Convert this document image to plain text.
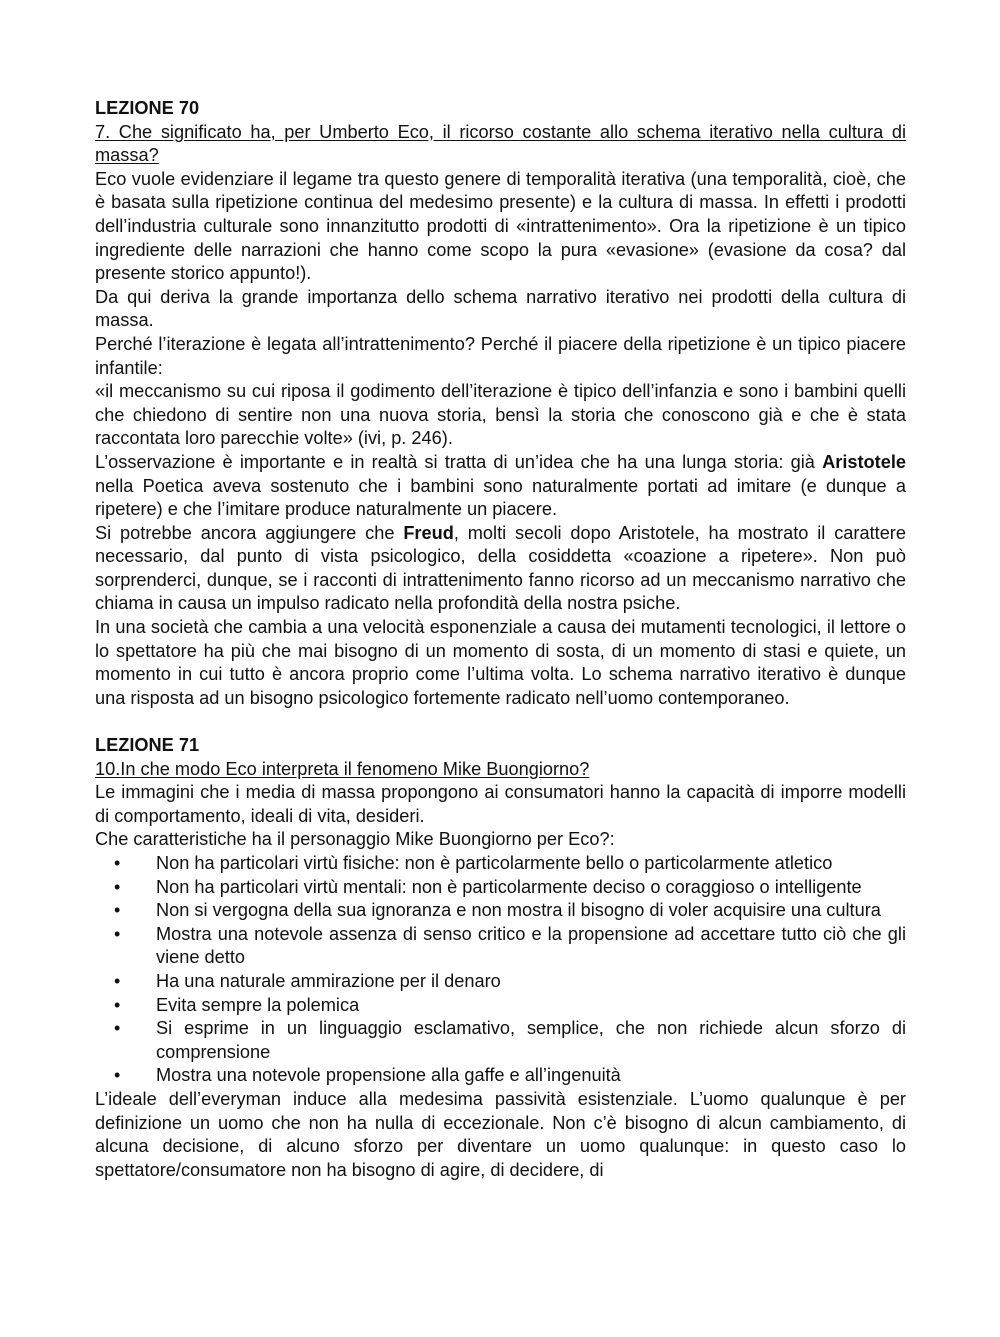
LEZIONE 70

7. Che significato ha, per Umberto Eco, il ricorso costante allo schema iterativo nella cultura di massa?

Eco vuole evidenziare il legame tra questo genere di temporalità iterativa (una temporalità, cioè, che è basata sulla ripetizione continua del medesimo presente) e la cultura di massa. In effetti i prodotti dell’industria culturale sono innanzitutto prodotti di «intrattenimento». Ora la ripetizione è un tipico ingrediente delle narrazioni che hanno come scopo la pura «evasione» (evasione da cosa? dal presente storico appunto!).

Da qui deriva la grande importanza dello schema narrativo iterativo nei prodotti della cultura di massa.

Perché l’iterazione è legata all’intrattenimento? Perché il piacere della ripetizione è un tipico piacere infantile:

«il meccanismo su cui riposa il godimento dell’iterazione è tipico dell’infanzia e sono i bambini quelli che chiedono di sentire non una nuova storia, bensì la storia che conoscono già e che è stata raccontata loro parecchie volte» (ivi, p. 246).

L’osservazione è importante e in realtà si tratta di un’idea che ha una lunga storia: già Aristotele nella Poetica aveva sostenuto che i bambini sono naturalmente portati ad imitare (e dunque a ripetere) e che l’imitare produce naturalmente un piacere.

Si potrebbe ancora aggiungere che Freud, molti secoli dopo Aristotele, ha mostrato il carattere necessario, dal punto di vista psicologico, della cosiddetta «coazione a ripetere». Non può sorprenderci, dunque, se i racconti di intrattenimento fanno ricorso ad un meccanismo narrativo che chiama in causa un impulso radicato nella profondità della nostra psiche.

In una società che cambia a una velocità esponenziale a causa dei mutamenti tecnologici, il lettore o lo spettatore ha più che mai bisogno di un momento di sosta, di un momento di stasi e quiete, un momento in cui tutto è ancora proprio come l’ultima volta. Lo schema narrativo iterativo è dunque una risposta ad un bisogno psicologico fortemente radicato nell’uomo contemporaneo.

LEZIONE 71

10.In che modo Eco interpreta il fenomeno Mike Buongiorno?

Le immagini che i media di massa propongono ai consumatori hanno la capacità di imporre modelli di comportamento, ideali di vita, desideri.

Che caratteristiche ha il personaggio Mike Buongiorno per Eco?:

• Non ha particolari virtù fisiche: non è particolarmente bello o particolarmente atletico
• Non ha particolari virtù mentali: non è particolarmente deciso o coraggioso o intelligente
• Non si vergogna della sua ignoranza e non mostra il bisogno di voler acquisire una cultura
• Mostra una notevole assenza di senso critico e la propensione ad accettare tutto ciò che gli viene detto
• Ha una naturale ammirazione per il denaro
• Evita sempre la polemica
• Si esprime in un linguaggio esclamativo, semplice, che non richiede alcun sforzo di comprensione
• Mostra una notevole propensione alla gaffe e all’ingenuità

L’ideale dell’everyman induce alla medesima passività esistenziale. L’uomo qualunque è per definizione un uomo che non ha nulla di eccezionale. Non c’è bisogno di alcun cambiamento, di alcuna decisione, di alcuno sforzo per diventare un uomo qualunque: in questo caso lo spettatore/consumatore non ha bisogno di agire, di decidere, di
